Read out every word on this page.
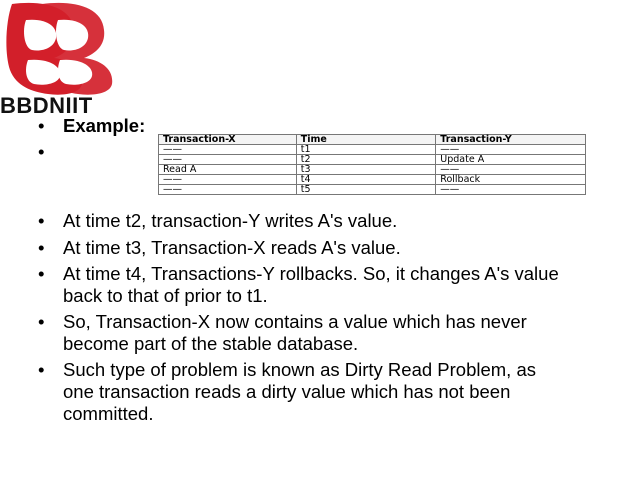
BBDNIIT
•	Example:
•
•	At time t2, transaction-Y writes A's value.
•	At time t3, Transaction-X reads A's value.
•	At time t4, Transactions-Y rollbacks. So, it changes A's value
back to that of prior to t1.
•	So, Transaction-X now contains a value which has never
become part of the stable database.
•	Such type of problem is known as Dirty Read Problem, as
one transaction reads a dirty value which has not been
committed.
Transaction-X	Time	Transaction-Y
——	t1	——
——	t2	Update A
Read A	t3	——
——	t4	Rollback
——	t5	——
